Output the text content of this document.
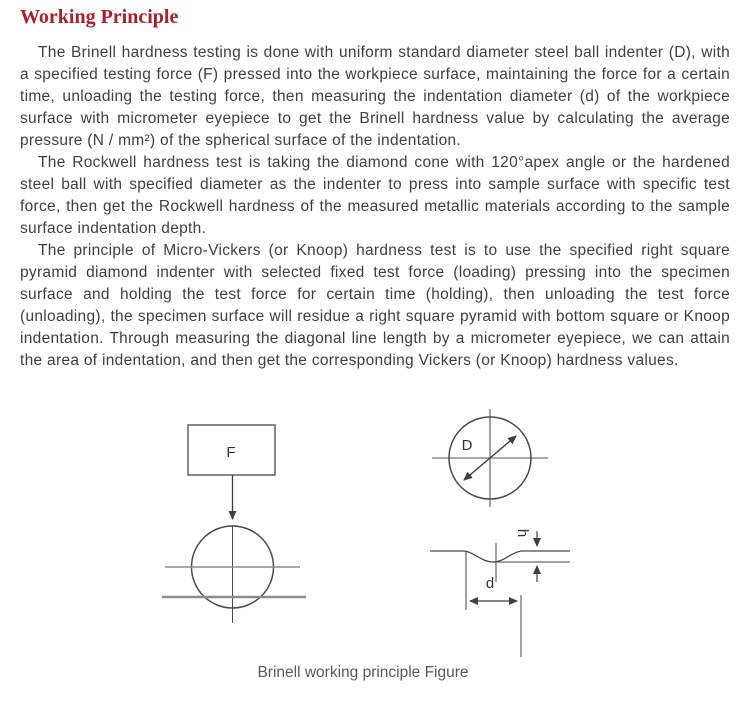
Working Principle

The Brinell hardness testing is done with uniform standard diameter steel ball indenter (D), with a specified testing force (F) pressed into the workpiece surface, maintaining the force for a certain time, unloading the testing force, then measuring the indentation diameter (d) of the workpiece surface with micrometer eyepiece to get the Brinell hardness value by calculating the average pressure (N / mm²) of the spherical surface of the indentation.

The Rockwell hardness test is taking the diamond cone with 120°apex angle or the hardened steel ball with specified diameter as the indenter to press into sample surface with specific test force, then get the Rockwell hardness of the measured metallic materials according to the sample surface indentation depth.

The principle of Micro-Vickers (or Knoop) hardness test is to use the specified right square pyramid diamond indenter with selected fixed test force (loading) pressing into the specimen surface and holding the test force for certain time (holding), then unloading the test force (unloading), the specimen surface will residue a right square pyramid with bottom square or Knoop indentation. Through measuring the diagonal line length by a micrometer eyepiece, we can attain the area of indentation, and then get the corresponding Vickers (or Knoop) hardness values.

F	D
h
d
Brinell working principle Figure
